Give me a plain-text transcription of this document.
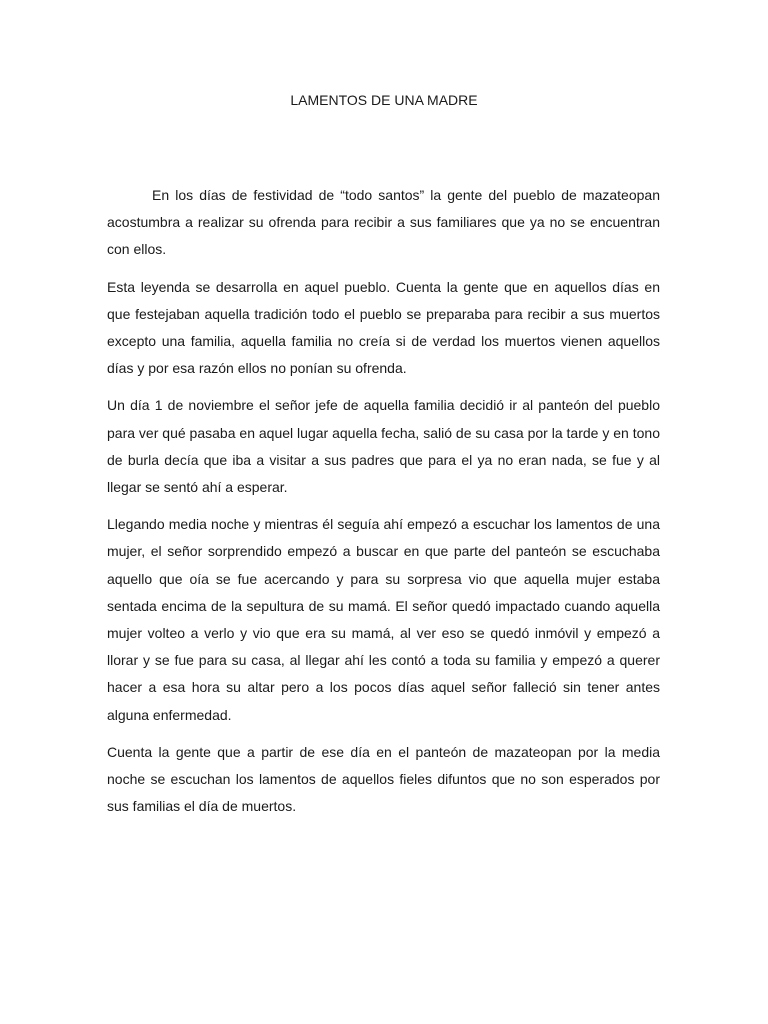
LAMENTOS DE UNA MADRE

En los días de festividad de “todo santos” la gente del pueblo de mazateopan acostumbra a realizar su ofrenda para recibir a sus familiares que ya no se encuentran con ellos.

Esta leyenda se desarrolla en aquel pueblo. Cuenta la gente que en aquellos días en que festejaban aquella tradición todo el pueblo se preparaba para recibir a sus muertos excepto una familia, aquella familia no creía si de verdad los muertos vienen aquellos días y por esa razón ellos no ponían su ofrenda.

Un día 1 de noviembre el señor jefe de aquella familia decidió ir al panteón del pueblo para ver qué pasaba en aquel lugar aquella fecha, salió de su casa por la tarde y en tono de burla decía que iba a visitar a sus padres que para el ya no eran nada, se fue y al llegar se sentó ahí a esperar.

Llegando media noche y mientras él seguía ahí empezó a escuchar los lamentos de una mujer, el señor sorprendido empezó a buscar en que parte del panteón se escuchaba aquello que oía se fue acercando y para su sorpresa vio que aquella mujer estaba sentada encima de la sepultura de su mamá. El señor quedó impactado cuando aquella mujer volteo a verlo y vio que era su mamá, al ver eso se quedó inmóvil y empezó a llorar y se fue para su casa, al llegar ahí les contó a toda su familia y empezó a querer hacer a esa hora su altar pero a los pocos días aquel señor falleció sin tener antes alguna enfermedad.

Cuenta la gente que a partir de ese día en el panteón de mazateopan por la media noche se escuchan los lamentos de aquellos fieles difuntos que no son esperados por sus familias el día de muertos.
